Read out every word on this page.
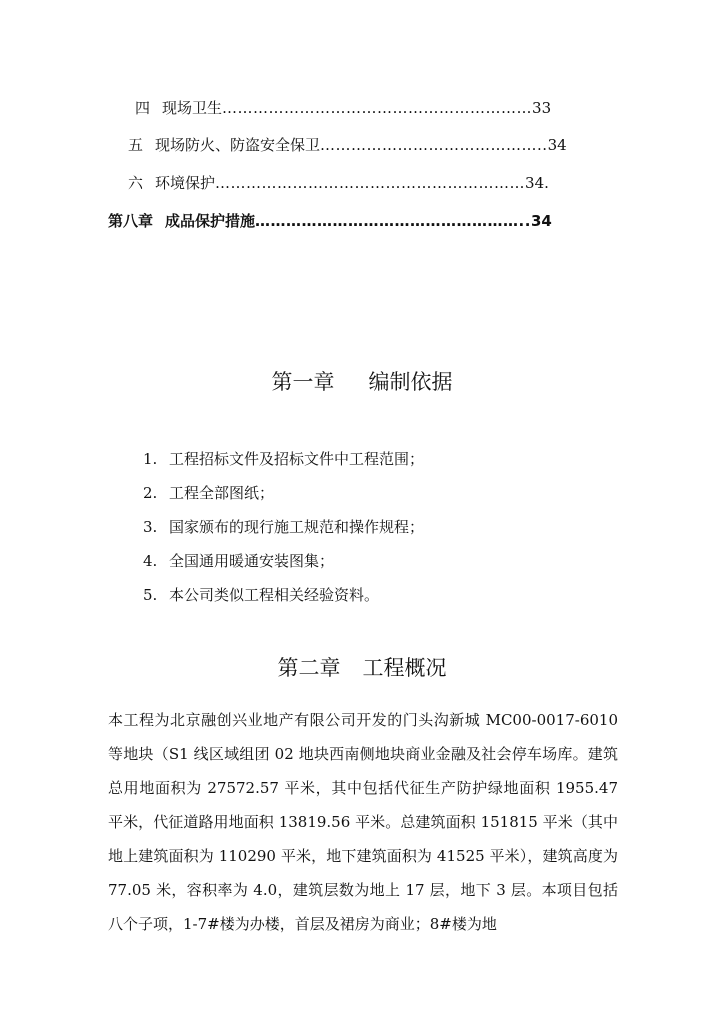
四 现场卫生 …………………………………………………… 33
五 现场防火、防盗安全保卫 …………………………………….. 34
六 环境保护 …………………………………………………… 34.
第八章 成品保护措施 …………………………………………….. 34
第一章 编制依据
1. 工程招标文件及招标文件中工程范围；
2. 工程全部图纸；
3. 国家颁布的现行施工规范和操作规程；
4. 全国通用暖通安装图集；
5. 本公司类似工程相关经验资料。
第二章 工程概况

本工程为北京融创兴业地产有限公司开发的门头沟新城 MC00-0017-6010 等地块（S1 线区域组团 02 地块西南侧地块商业金融及社会停车场库。建筑总用地面积为 27572.57 平米，其中包括代征生产防护绿地面积 1955.47 平米，代征道路用地面积 13819.56 平米。总建筑面积 151815 平米（其中地上建筑面积为 110290 平米，地下建筑面积为 41525 平米），建筑高度为 77.05 米，容积率为 4.0，建筑层数为地上 17 层，地下 3 层。本项目包括八个子项，1-7#楼为办楼，首层及裙房为商业；8#楼为地
